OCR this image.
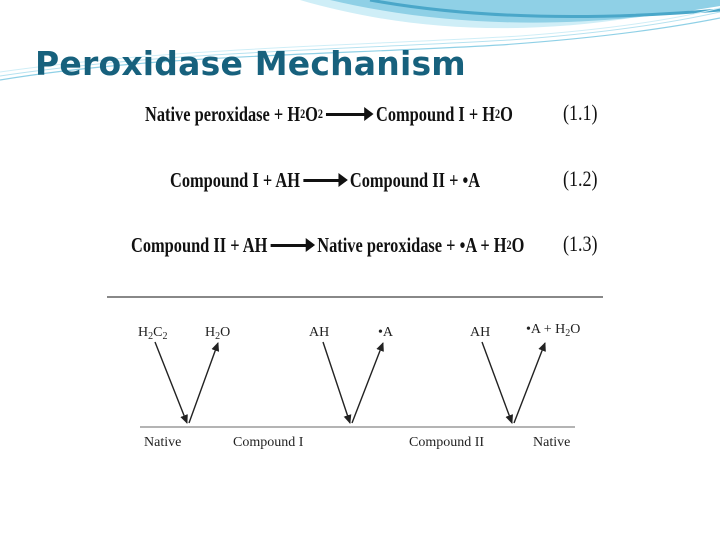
Peroxidase Mechanism
Native peroxidase + H 2 O 2	Compound I + H 2 O (1.1)
Compound I + AH Compound II + •A	(1.2)
Compound II + AH Native peroxidase + •A + H 2 O (1.3)
$H_2C_2$	$H_2O$	AH	•A	AH	•A + $H_2O$
Native	Compound I	Compound II	Native
